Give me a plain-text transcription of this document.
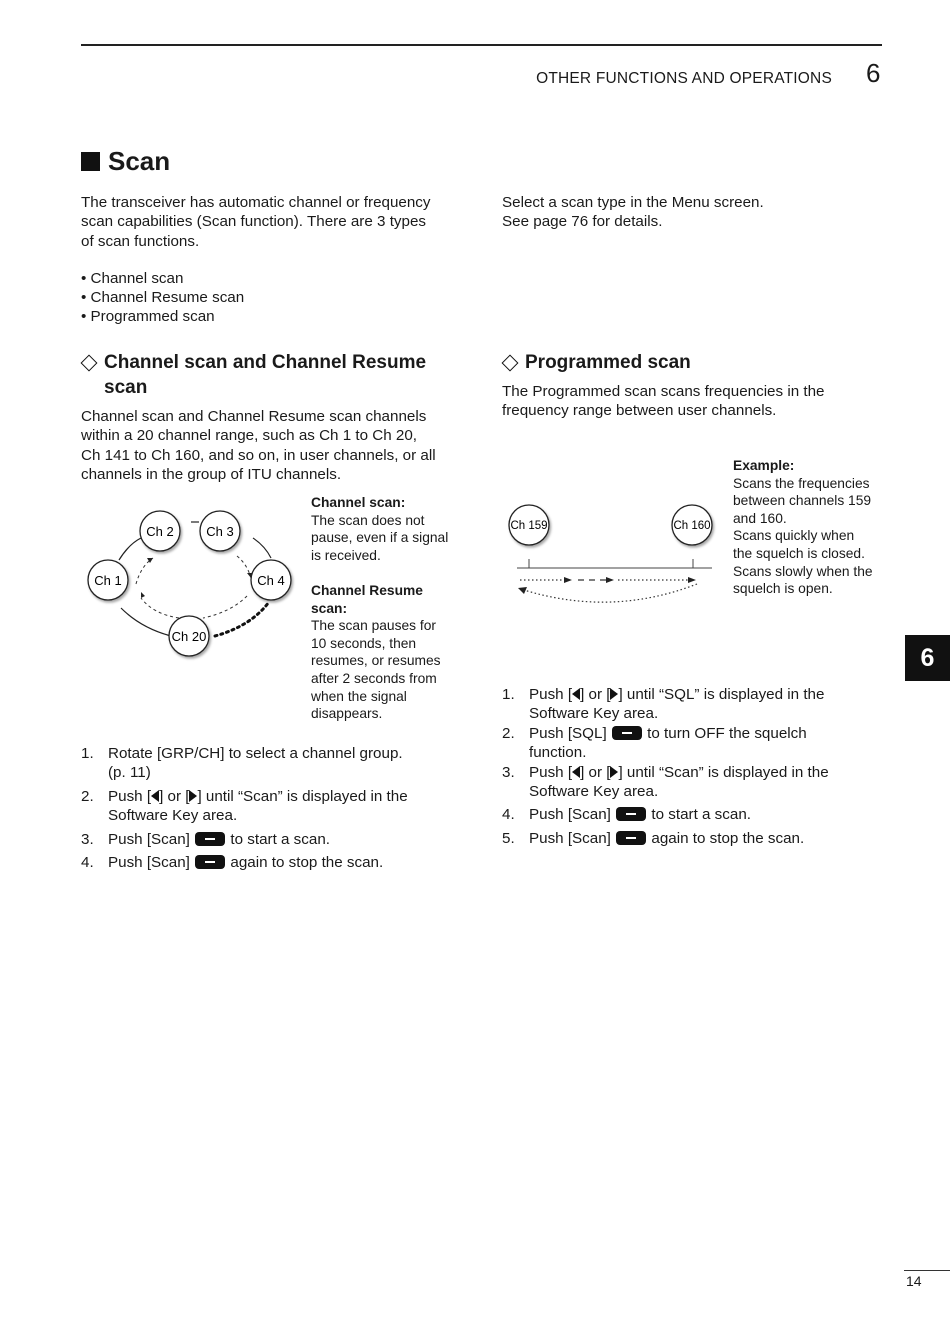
OTHER FUNCTIONS AND OPERATIONS 6
Scan
The transceiver has automatic channel or frequency
scan capabilities (Scan function). There are 3 types
of scan functions.
Select a scan type in the Menu screen.
See page 76 for details.
• Channel scan
• Channel Resume scan
• Programmed scan
Channel scan and Channel Resume
scan
Channel scan and Channel Resume scan channels
within a 20 channel range, such as Ch 1 to Ch 20,
Ch 141 to Ch 160, and so on, in user channels, or all
channels in the group of ITU channels.
Ch 2	Ch 3
Ch 1	Ch 4
Ch 20
Channel scan:
The scan does not
pause, even if a signal
is received.
Channel Resume
scan:
The scan pauses for
10 seconds, then
resumes, or resumes
after 2 seconds from
when the signal
disappears.
1. Rotate [GRP/CH] to select a channel group.
(p. 11)
2. Push [ ] or [ ] until “Scan” is displayed in the
Software Key area.
3. Push [Scan]	to start a scan.
4. Push [Scan]	again to stop the scan.
Programmed scan
The Programmed scan scans frequencies in the
frequency range between user channels.
Ch 159	Ch 160
Example:
Scans the frequencies
between channels 159
and 160.
Scans quickly when
the squelch is closed.
Scans slowly when the
squelch is open.
1. Push [ ] or [ ] until “SQL” is displayed in the
Software Key area.
2. Push [SQL]	to turn OFF the squelch
function.
3. Push [ ] or [ ] until “Scan” is displayed in the
Software Key area.
4. Push [Scan]	to start a scan.
5. Push [Scan]	again to stop the scan.
6
14
